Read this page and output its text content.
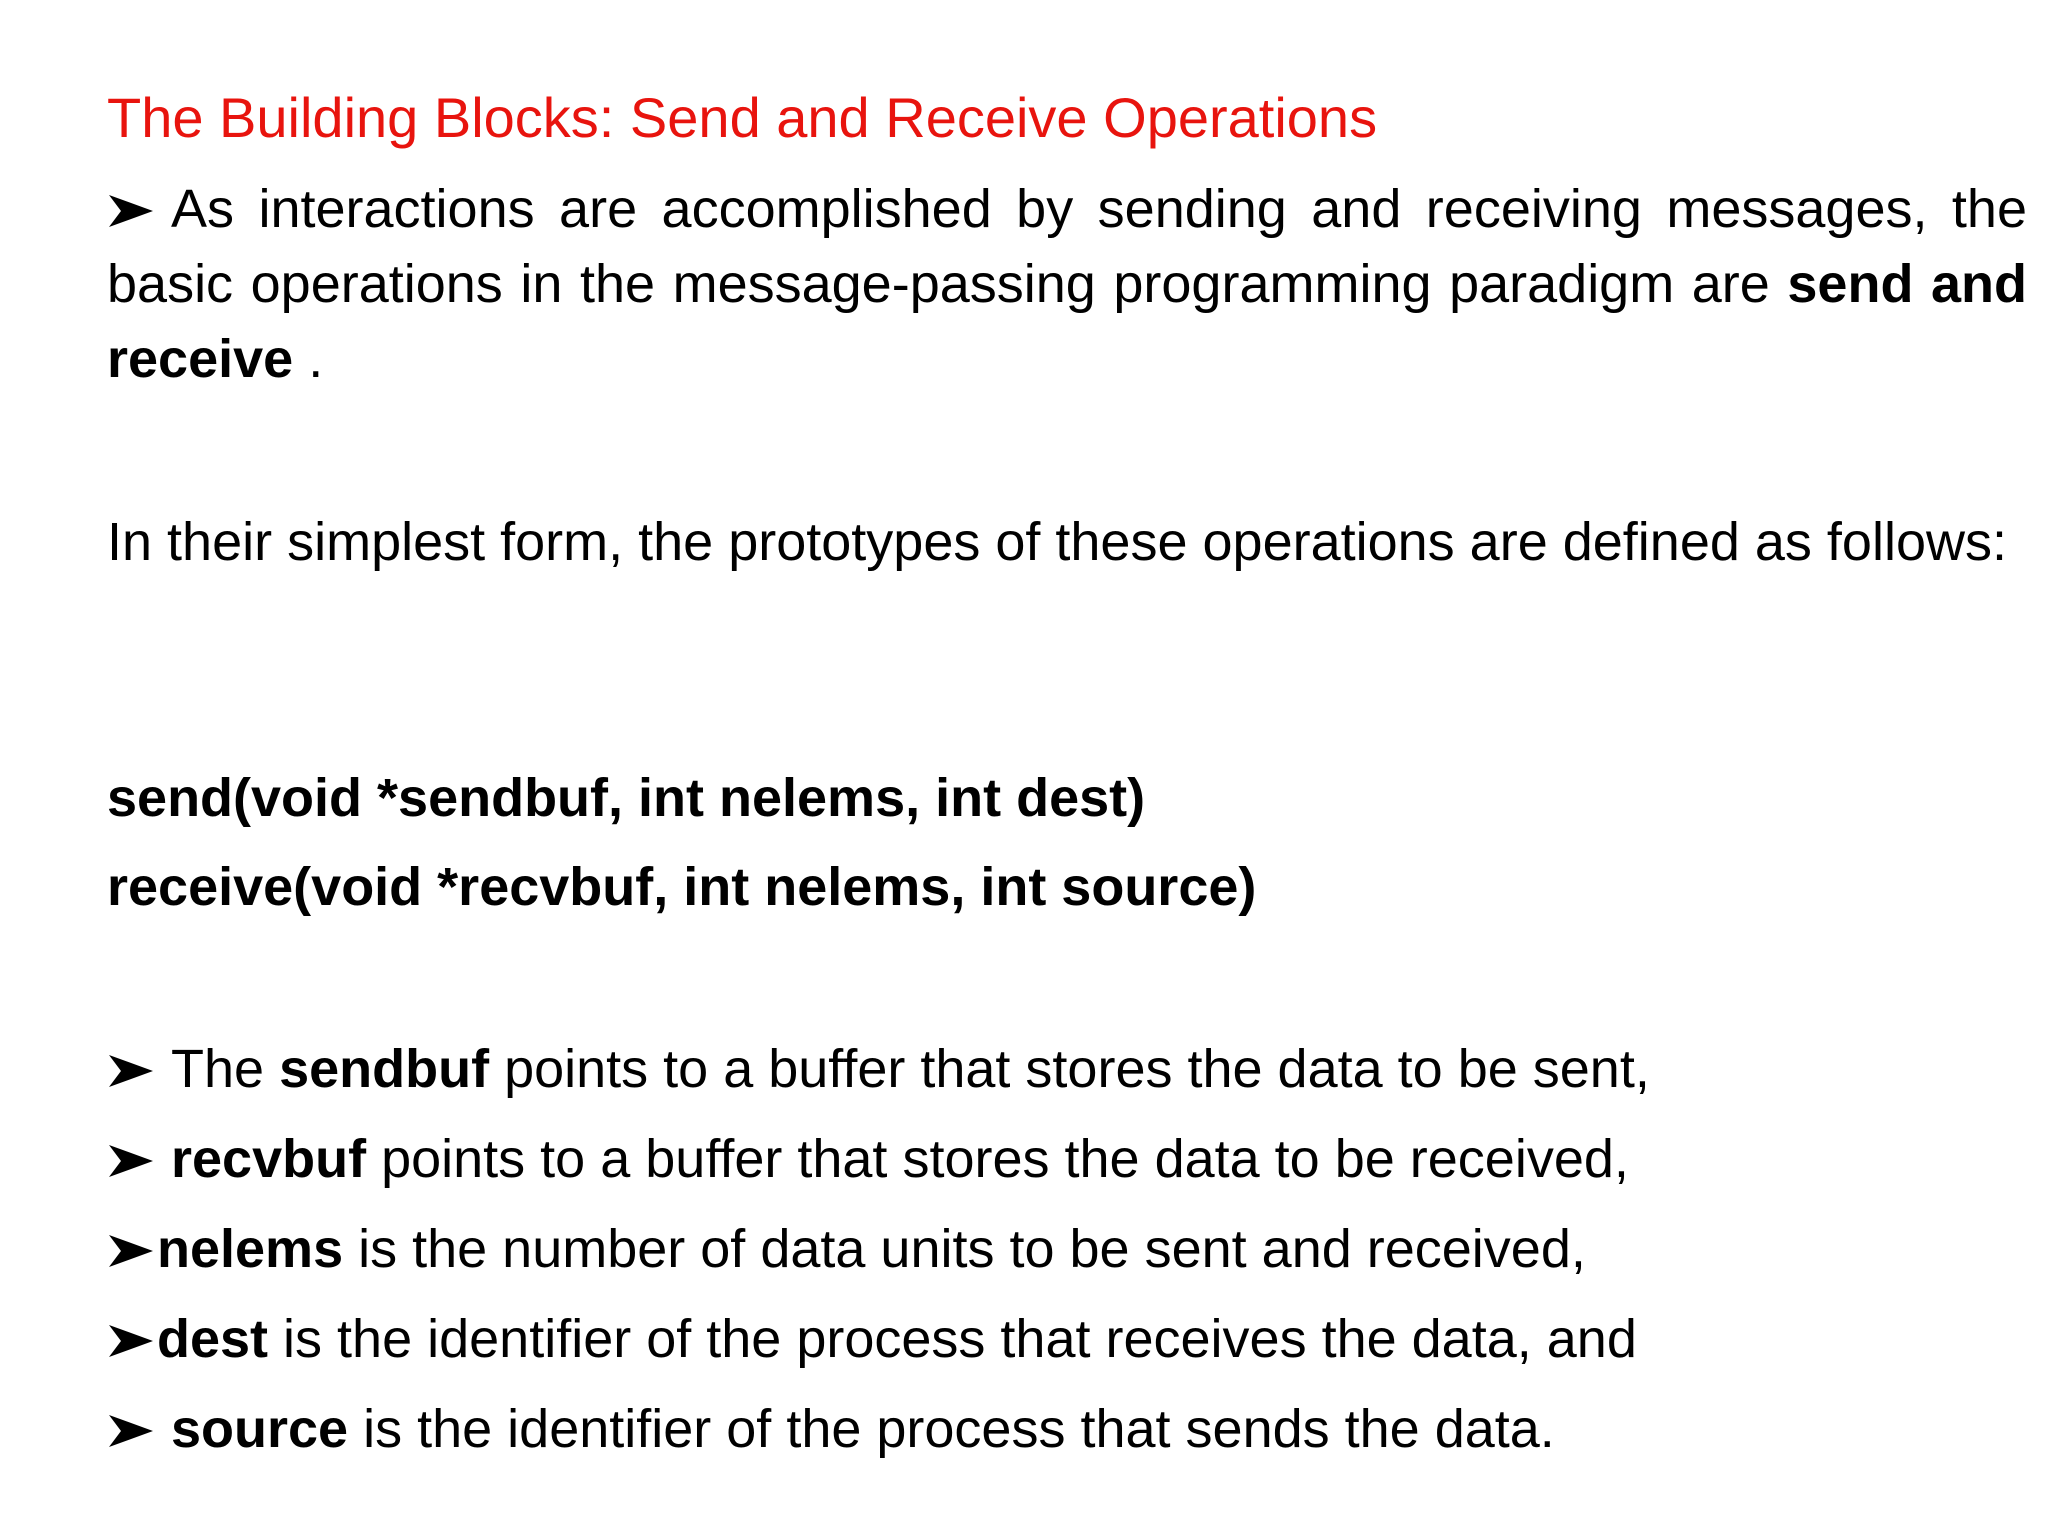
The Building Blocks: Send and Receive Operations
As interactions are accomplished by sending and receiving messages, the basic operations in the message-passing programming paradigm are send and receive .
In their simplest form, the prototypes of these operations are defined as follows:
send(void *sendbuf, int nelems, int dest)
receive(void *recvbuf, int nelems, int source)
The sendbuf points to a buffer that stores the data to be sent,
recvbuf points to a buffer that stores the data to be received,
nelems is the number of data units to be sent and received,
dest is the identifier of the process that receives the data, and
source is the identifier of the process that sends the data.
